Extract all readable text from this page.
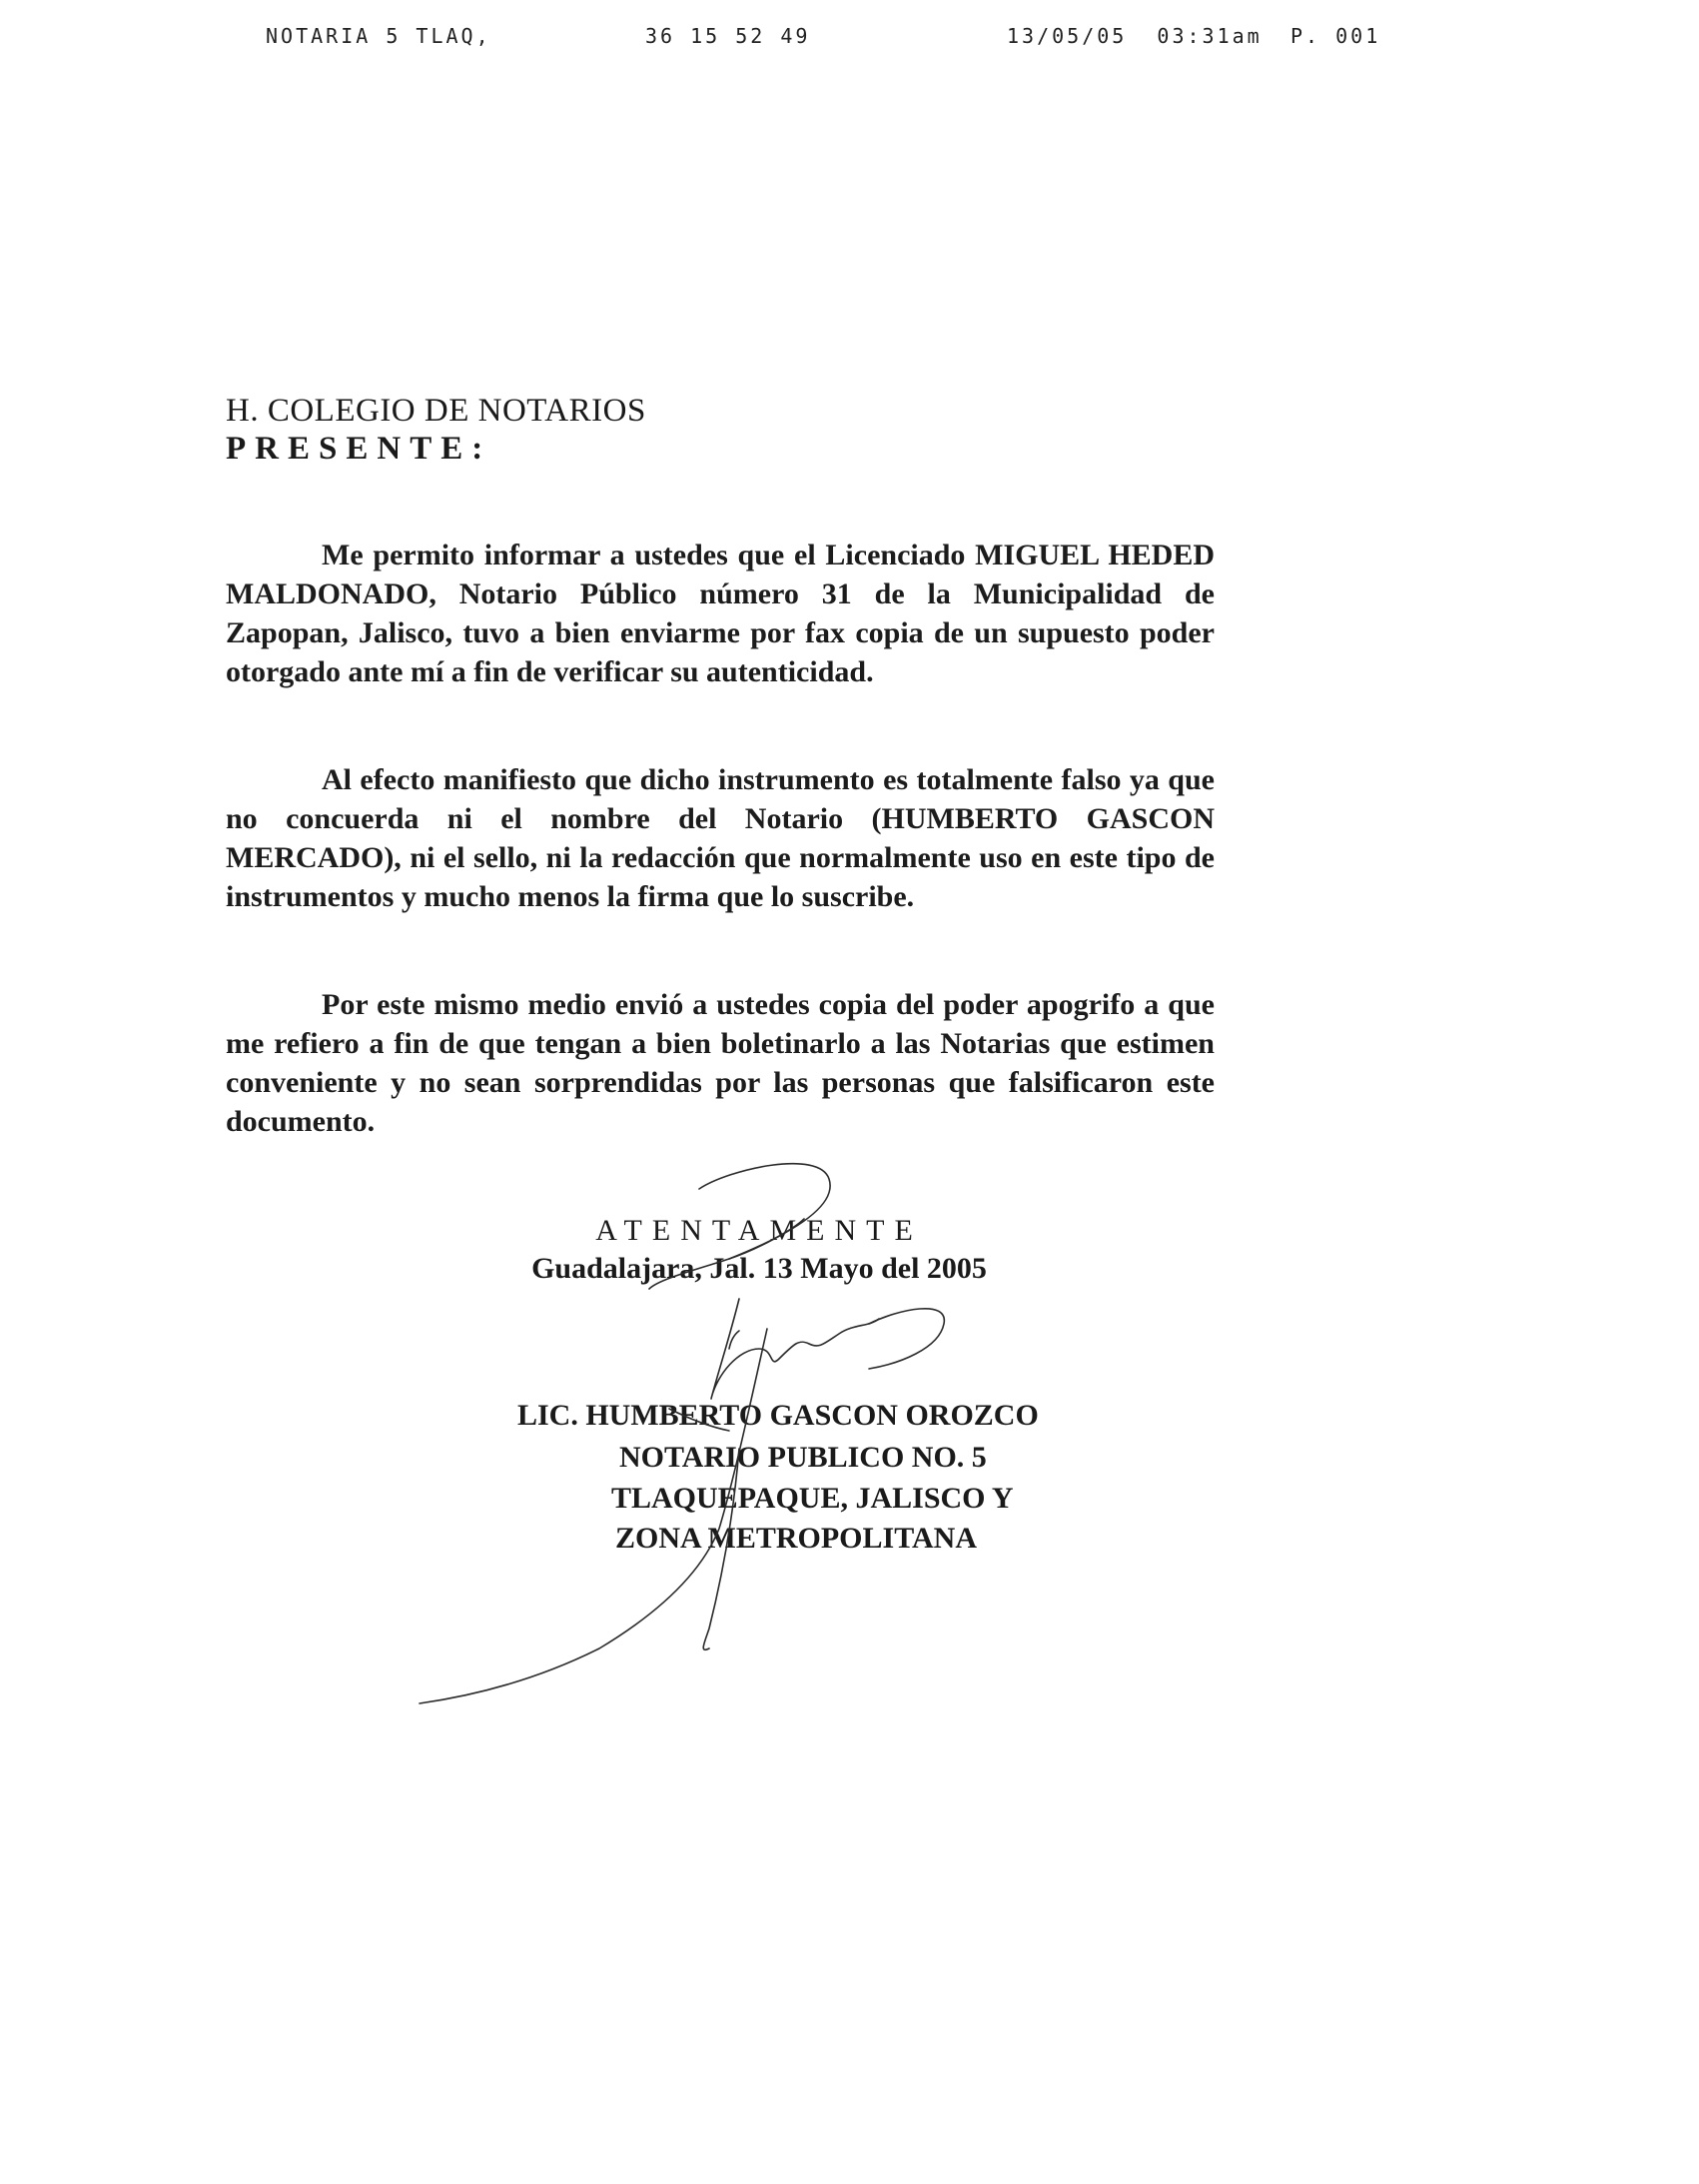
NOTARIA 5 TLAQ,	36 15 52 49	13/05/05  03:31am P. 001
H. COLEGIO DE NOTARIOS
PRESENTE:
Me permito informar a ustedes que el Licenciado MIGUEL HEDED MALDONADO, Notario Público número 31 de la Municipalidad de Zapopan, Jalisco, tuvo a bien enviarme por fax copia de un supuesto poder otorgado ante mí a fin de verificar su autenticidad.
Al efecto manifiesto que dicho instrumento es totalmente falso ya que no concuerda ni el nombre del Notario (HUMBERTO GASCON MERCADO), ni el sello, ni la redacción que normalmente uso en este tipo de instrumentos y mucho menos la firma que lo suscribe.
Por este mismo medio envió a ustedes copia del poder apogrifo a que me refiero a fin de que tengan a bien boletinarlo a las Notarias que estimen conveniente y no sean sorprendidas por las personas que falsificaron este documento.
ATENTAMENTE
Guadalajara, Jal. 13 Mayo del 2005
LIC. HUMBERTO GASCON OROZCO
NOTARIO PUBLICO NO. 5
TLAQUEPAQUE, JALISCO Y
ZONA METROPOLITANA
